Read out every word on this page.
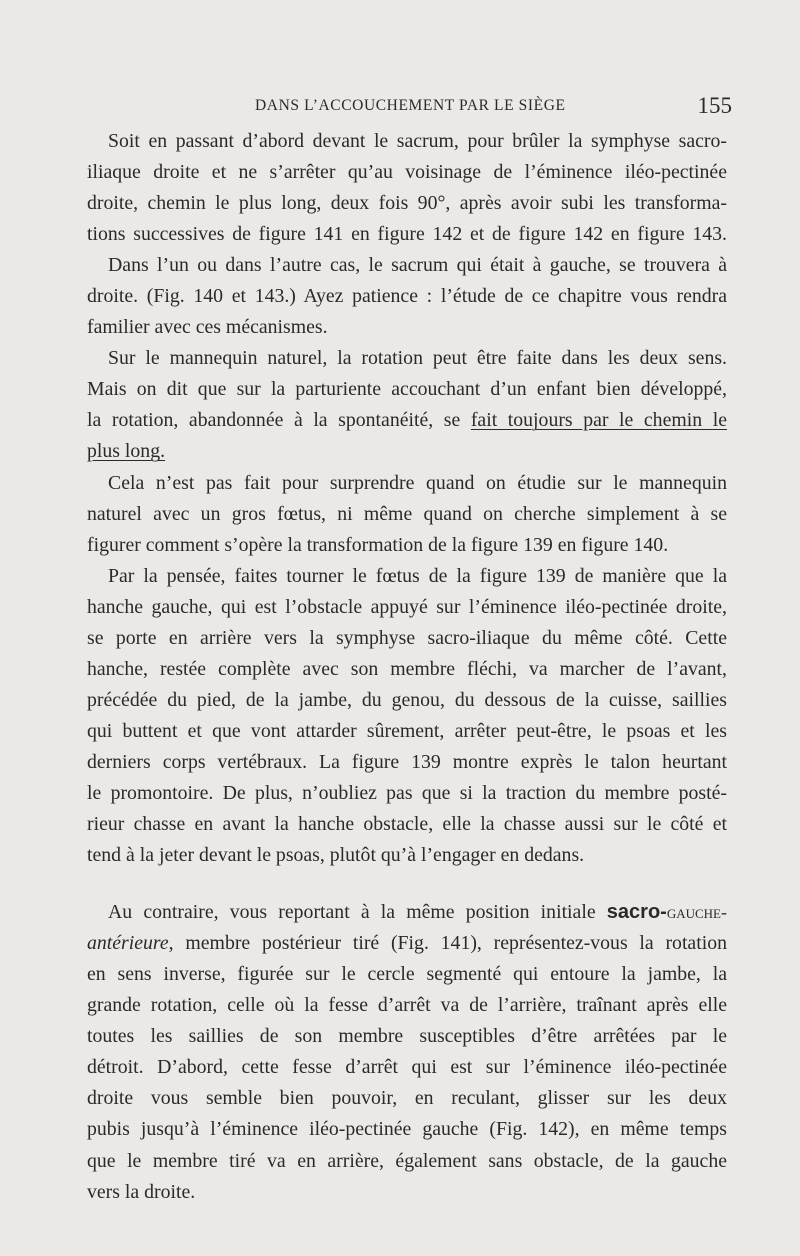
DANS L’ACCOUCHEMENT PAR LE SIÈGE	155
Soit en passant d’abord devant le sacrum, pour brûler la symphyse sacro-
iliaque droite et ne s’arrêter qu’au voisinage de l’éminence iléo-pectinée
droite, chemin le plus long, deux fois 90°, après avoir subi les transforma-
tions successives de figure 141 en figure 142 et de figure 142 en figure 143.
Dans l’un ou dans l’autre cas, le sacrum qui était à gauche, se trouvera à
droite. (Fig. 140 et 143.) Ayez patience : l’étude de ce chapitre vous rendra
familier avec ces mécanismes.
Sur le mannequin naturel, la rotation peut être faite dans les deux sens.
Mais on dit que sur la parturiente accouchant d’un enfant bien développé,
la rotation, abandonnée à la spontanéité, se fait toujours par le chemin le
plus long.
Cela n’est pas fait pour surprendre quand on étudie sur le mannequin
naturel avec un gros fœtus, ni même quand on cherche simplement à se
figurer comment s’opère la transformation de la figure 139 en figure 140.
Par la pensée, faites tourner le fœtus de la figure 139 de manière que la
hanche gauche, qui est l’obstacle appuyé sur l’éminence iléo-pectinée droite,
se porte en arrière vers la symphyse sacro-iliaque du même côté. Cette
hanche, restée complète avec son membre fléchi, va marcher de l’avant,
précédée du pied, de la jambe, du genou, du dessous de la cuisse, saillies
qui buttent et que vont attarder sûrement, arrêter peut-être, le psoas et les
derniers corps vertébraux. La figure 139 montre exprès le talon heurtant
le promontoire. De plus, n’oubliez pas que si la traction du membre posté-
rieur chasse en avant la hanche obstacle, elle la chasse aussi sur le côté et
tend à la jeter devant le psoas, plutôt qu’à l’engager en dedans.
Au contraire, vous reportant à la même position initiale sacro-gauche-
antérieure, membre postérieur tiré (Fig. 141), représentez-vous la rotation
en sens inverse, figurée sur le cercle segmenté qui entoure la jambe, la
grande rotation, celle où la fesse d’arrêt va de l’arrière, traînant après elle
toutes les saillies de son membre susceptibles d’être arrêtées par le
détroit. D’abord, cette fesse d’arrêt qui est sur l’éminence iléo-pectinée
droite vous semble bien pouvoir, en reculant, glisser sur les deux
pubis jusqu’à l’éminence iléo-pectinée gauche (Fig. 142), en même temps
que le membre tiré va en arrière, également sans obstacle, de la gauche
vers la droite.
